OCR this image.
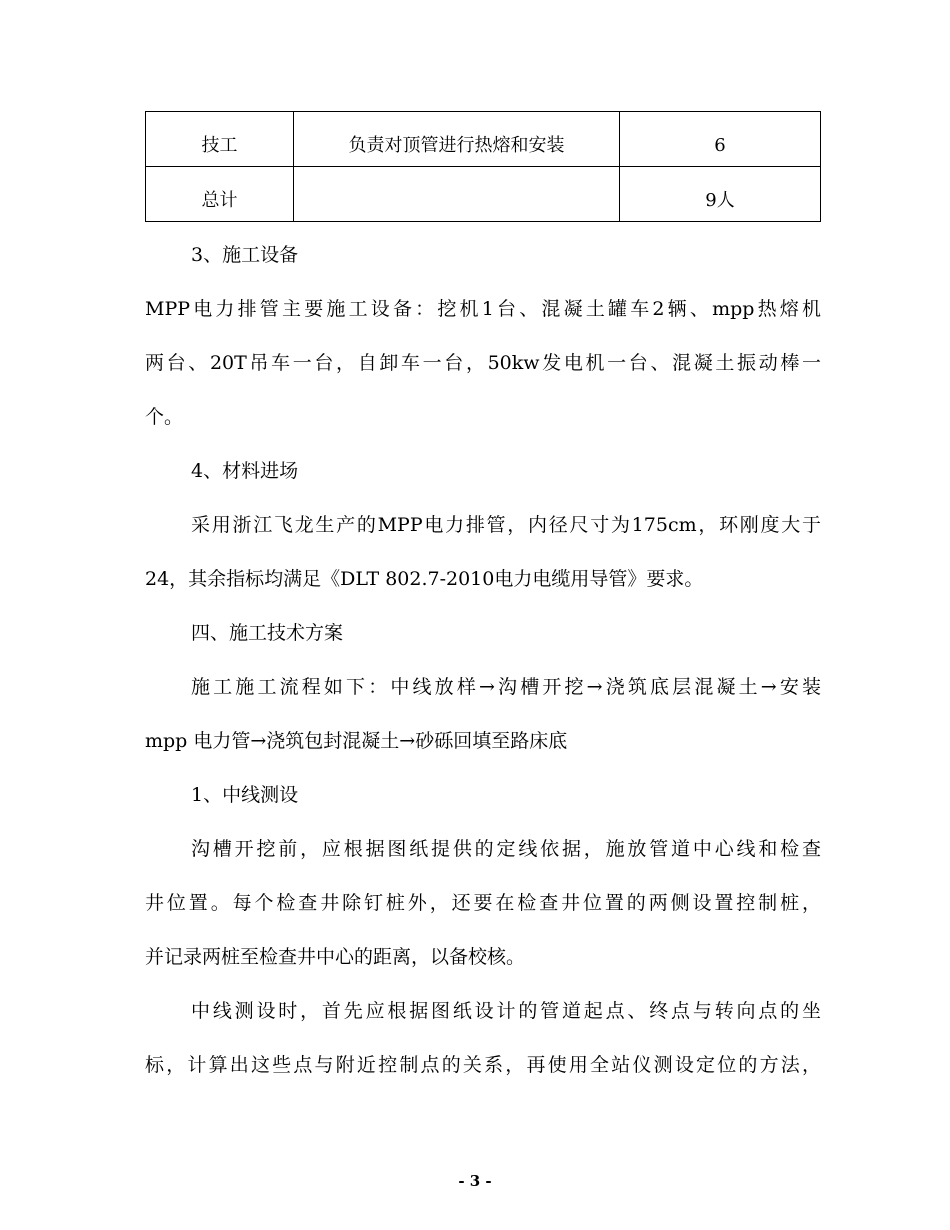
技工	负责对顶管进行热熔和安装	6
总计		9人

3、施工设备

MPP电力排管主要施工设备：挖机1台、混凝土罐车2辆、mpp热熔机

两台、20T吊车一台，自卸车一台，50kw发电机一台、混凝土振动棒一

个。

4、材料进场

采用浙江飞龙生产的MPP电力排管，内径尺寸为175cm，环刚度大于

24，其余指标均满足《DLT 802.7-2010电力电缆用导管》要求。

四、施工技术方案

施工施工流程如下：中线放样→沟槽开挖→浇筑底层混凝土→安装

mpp 电力管→浇筑包封混凝土→砂砾回填至路床底

1、中线测设

沟槽开挖前，应根据图纸提供的定线依据，施放管道中心线和检查

井位置。每个检查井除钉桩外，还要在检查井位置的两侧设置控制桩，

并记录两桩至检查井中心的距离，以备校核。

中线测设时，首先应根据图纸设计的管道起点、终点与转向点的坐

标，计算出这些点与附近控制点的关系，再使用全站仪测设定位的方法，

- 3 -
